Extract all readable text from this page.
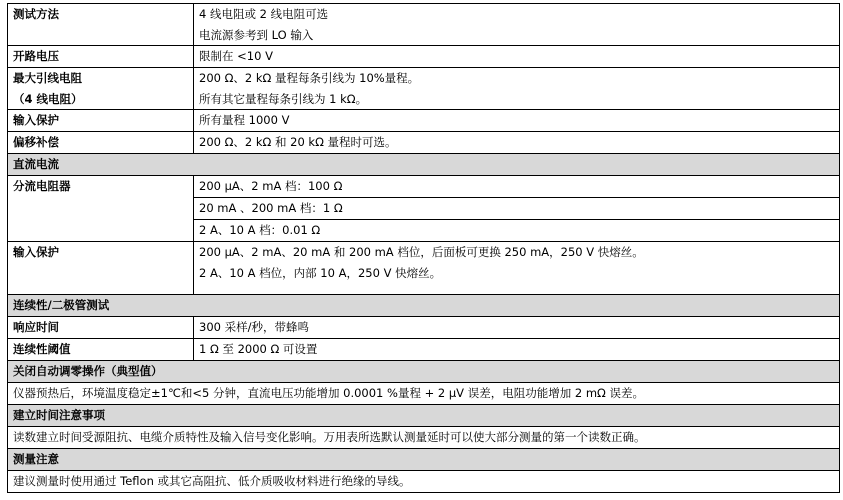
测试方法	4 线电阻或 2 线电阻可选
电流源参考到 LO 输入

开路电压	限制在 <10 V

最大引线电阻
（4 线电阻）	200 Ω、2 kΩ 量程每条引线为 10%量程。
所有其它量程每条引线为 1 kΩ。

输入保护	所有量程 1000 V

偏移补偿	200 Ω、2 kΩ 和 20 kΩ 量程时可选。

直流电流	
分流电阻器	200 µA、2 mA 档：100 Ω
	20 mA 、200 mA 档：1 Ω
	2 A、10 A 档：0.01 Ω

输入保护	200 µA、2 mA、20 mA 和 200 mA 档位，后面板可更换 250 mA，250 V 快熔丝。
2 A、10 A 档位，内部 10 A，250 V 快熔丝。

连续性/二极管测试	

响应时间	300 采样/秒，带蜂鸣

连续性阈值	1 Ω 至 2000 Ω 可设置

关闭自动调零操作（典型值）	
仪器预热后，环境温度稳定±1℃和<5 分钟，直流电压功能增加 0.0001 %量程 + 2 µV 误差，电阻功能增加 2 mΩ 误差。	
建立时间注意事项	
读数建立时间受源阻抗、电缆介质特性及输入信号变化影响。万用表所选默认测量延时可以使大部分测量的第一个读数正确。	
测量注意	
建议测量时使用通过 Teflon 或其它高阻抗、低介质吸收材料进行绝缘的导线。	
